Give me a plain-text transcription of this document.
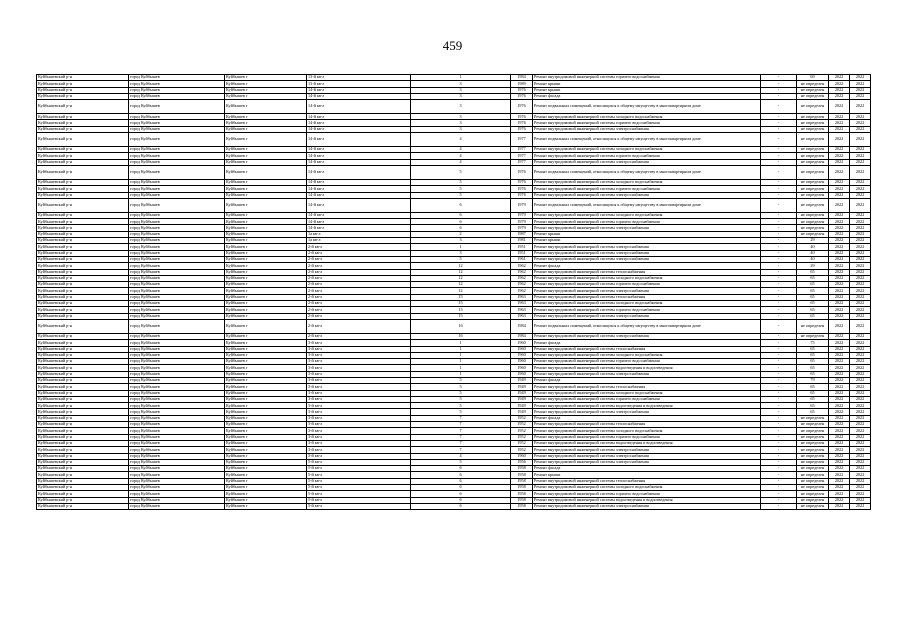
459
Куйбышевский р-н	город Куйбышев	Куйбышев г	13-й кв-л	1	1984	Ремонт внутридомовой инженерной системы горячего водоснабжения	-	69	2022	2022
Куйбышевский р-н	город Куйбышев	Куйбышев г	13-й кв-л	3	1989	Ремонт крыши	-	не определен	2022	2022
Куйбышевский р-н	город Куйбышев	Куйбышев г	14-й кв-л	3	1976	Ремонт крыши	-	не определен	2022	2022
Куйбышевский р-н	город Куйбышев	Куйбышев г	14-й кв-л	3	1976	Ремонт фасада	-	не определен	2022	2022
Куйбышевский р-н	город Куйбышев	Куйбышев г	14-й кв-л	3	1976	Ремонт подвальных помещений, относящихся к общему имуществу в многоквартирном доме	-	не определен	2022	2022
Куйбышевский р-н	город Куйбышев	Куйбышев г	14-й кв-л	3	1976	Ремонт внутридомовой инженерной системы холодного водоснабжения	-	не определен	2022	2022
Куйбышевский р-н	город Куйбышев	Куйбышев г	14-й кв-л	3	1976	Ремонт внутридомовой инженерной системы горячего водоснабжения	-	не определен	2022	2022
Куйбышевский р-н	город Куйбышев	Куйбышев г	14-й кв-л	3	1976	Ремонт внутридомовой инженерной системы электроснабжения	-	не определен	2022	2022
Куйбышевский р-н	город Куйбышев	Куйбышев г	14-й кв-л	4	1977	Ремонт подвальных помещений, относящихся к общему имуществу в многоквартирном доме	-	не определен	2022	2022
Куйбышевский р-н	город Куйбышев	Куйбышев г	14-й кв-л	4	1977	Ремонт внутридомовой инженерной системы холодного водоснабжения	-	не определен	2022	2022
Куйбышевский р-н	город Куйбышев	Куйбышев г	14-й кв-л	4	1977	Ремонт внутридомовой инженерной системы горячего водоснабжения	-	не определен	2022	2022
Куйбышевский р-н	город Куйбышев	Куйбышев г	14-й кв-л	4	1977	Ремонт внутридомовой инженерной системы электроснабжения	-	не определен	2022	2022
Куйбышевский р-н	город Куйбышев	Куйбышев г	14-й кв-л	5	1976	Ремонт подвальных помещений, относящихся к общему имуществу в многоквартирном доме	-	не определен	2022	2022
Куйбышевский р-н	город Куйбышев	Куйбышев г	14-й кв-л	5	1976	Ремонт внутридомовой инженерной системы холодного водоснабжения	-	не определен	2022	2022
Куйбышевский р-н	город Куйбышев	Куйбышев г	14-й кв-л	5	1976	Ремонт внутридомовой инженерной системы горячего водоснабжения	-	не определен	2022	2022
Куйбышевский р-н	город Куйбышев	Куйбышев г	14-й кв-л	5	1976	Ремонт внутридомовой инженерной системы электроснабжения	-	не определен	2022	2022
Куйбышевский р-н	город Куйбышев	Куйбышев г	14-й кв-л	6	1979	Ремонт подвальных помещений, относящихся к общему имуществу в многоквартирном доме	-	не определен	2022	2022
Куйбышевский р-н	город Куйбышев	Куйбышев г	14-й кв-л	6	1979	Ремонт внутридомовой инженерной системы холодного водоснабжения	-	не определен	2022	2022
Куйбышевский р-н	город Куйбышев	Куйбышев г	14-й кв-л	6	1979	Ремонт внутридомовой инженерной системы горячего водоснабжения	-	не определен	2022	2022
Куйбышевский р-н	город Куйбышев	Куйбышев г	14-й кв-л	6	1979	Ремонт внутридомовой инженерной системы электроснабжения	-	не определен	2022	2022
Куйбышевский р-н	город Куйбышев	Куйбышев г	1а кв-л	2	1987	Ремонт крыши	-	не определен	2022	2022
Куйбышевский р-н	город Куйбышев	Куйбышев г	1а кв-л	3	1981	Ремонт крыши	-	29	2022	2022
Куйбышевский р-н	город Куйбышев	Куйбышев г	2-й кв-л	1	1951	Ремонт внутридомовой инженерной системы электроснабжения	-	40	2022	2022
Куйбышевский р-н	город Куйбышев	Куйбышев г	2-й кв-л	3	1951	Ремонт внутридомовой инженерной системы электроснабжения	-	40	2022	2022
Куйбышевский р-н	город Куйбышев	Куйбышев г	2-й кв-л	5	1961	Ремонт внутридомовой инженерной системы электроснабжения	-	40	2022	2022
Куйбышевский р-н	город Куйбышев	Куйбышев г	2-й кв-л	12	1962	Ремонт фасада	-	29	2022	2022
Куйбышевский р-н	город Куйбышев	Куйбышев г	2-й кв-л	12	1962	Ремонт внутридомовой инженерной системы теплоснабжения	-	65	2022	2022
Куйбышевский р-н	город Куйбышев	Куйбышев г	2-й кв-л	12	1962	Ремонт внутридомовой инженерной системы холодного водоснабжения	-	65	2022	2022
Куйбышевский р-н	город Куйбышев	Куйбышев г	2-й кв-л	12	1962	Ремонт внутридомовой инженерной системы горячего водоснабжения	-	65	2022	2022
Куйбышевский р-н	город Куйбышев	Куйбышев г	2-й кв-л	12	1962	Ремонт внутридомовой инженерной системы электроснабжения	-	65	2022	2022
Куйбышевский р-н	город Куйбышев	Куйбышев г	2-й кв-л	15	1963	Ремонт внутридомовой инженерной системы теплоснабжения	-	65	2022	2022
Куйбышевский р-н	город Куйбышев	Куйбышев г	2-й кв-л	15	1963	Ремонт внутридомовой инженерной системы холодного водоснабжения	-	65	2022	2022
Куйбышевский р-н	город Куйбышев	Куйбышев г	2-й кв-л	15	1963	Ремонт внутридомовой инженерной системы горячего водоснабжения	-	65	2022	2022
Куйбышевский р-н	город Куйбышев	Куйбышев г	2-й кв-л	15	1963	Ремонт внутридомовой инженерной системы электроснабжения	-	65	2022	2022
Куйбышевский р-н	город Куйбышев	Куйбышев г	2-й кв-л	16	1984	Ремонт подвальных помещений, относящихся к общему имуществу в многоквартирном доме	-	не определен	2022	2022
Куйбышевский р-н	город Куйбышев	Куйбышев г	2-й кв-л	16	1984	Ремонт внутридомовой инженерной системы электроснабжения	-	не определен	2022	2022
Куйбышевский р-н	город Куйбышев	Куйбышев г	3-й кв-л	1	1960	Ремонт фасада	-	75	2022	2022
Куйбышевский р-н	город Куйбышев	Куйбышев г	3-й кв-л	1	1960	Ремонт внутридомовой инженерной системы теплоснабжения	-	65	2022	2022
Куйбышевский р-н	город Куйбышев	Куйбышев г	3-й кв-л	1	1960	Ремонт внутридомовой инженерной системы холодного водоснабжения	-	65	2022	2022
Куйбышевский р-н	город Куйбышев	Куйбышев г	3-й кв-л	1	1960	Ремонт внутридомовой инженерной системы горячего водоснабжения	-	65	2022	2022
Куйбышевский р-н	город Куйбышев	Куйбышев г	3-й кв-л	1	1960	Ремонт внутридомовой инженерной системы водоотведения и водоотведения	-	65	2022	2022
Куйбышевский р-н	город Куйбышев	Куйбышев г	3-й кв-л	1	1960	Ремонт внутридомовой инженерной системы электроснабжения	-	65	2022	2022
Куйбышевский р-н	город Куйбышев	Куйбышев г	3-й кв-л	5	1949	Ремонт фасада	-	79	2022	2022
Куйбышевский р-н	город Куйбышев	Куйбышев г	3-й кв-л	5	1949	Ремонт внутридомовой инженерной системы теплоснабжения	-	65	2022	2022
Куйбышевский р-н	город Куйбышев	Куйбышев г	3-й кв-л	5	1949	Ремонт внутридомовой инженерной системы холодного водоснабжения	-	65	2022	2022
Куйбышевский р-н	город Куйбышев	Куйбышев г	3-й кв-л	5	1949	Ремонт внутридомовой инженерной системы горячего водоснабжения	-	65	2022	2022
Куйбышевский р-н	город Куйбышев	Куйбышев г	3-й кв-л	5	1949	Ремонт внутридомовой инженерной системы водоотведения и водоотведения	-	65	2022	2022
Куйбышевский р-н	город Куйбышев	Куйбышев г	3-й кв-л	5	1949	Ремонт внутридомовой инженерной системы электроснабжения	-	65	2022	2022
Куйбышевский р-н	город Куйбышев	Куйбышев г	3-й кв-л	7	1952	Ремонт фасада	-	не определен	2022	2022
Куйбышевский р-н	город Куйбышев	Куйбышев г	3-й кв-л	7	1952	Ремонт внутридомовой инженерной системы теплоснабжения	-	не определен	2022	2022
Куйбышевский р-н	город Куйбышев	Куйбышев г	3-й кв-л	7	1952	Ремонт внутридомовой инженерной системы холодного водоснабжения	-	не определен	2022	2022
Куйбышевский р-н	город Куйбышев	Куйбышев г	3-й кв-л	7	1952	Ремонт внутридомовой инженерной системы горячего водоснабжения	-	не определен	2022	2022
Куйбышевский р-н	город Куйбышев	Куйбышев г	3-й кв-л	7	1952	Ремонт внутридомовой инженерной системы водоотведения и водоотведения	-	не определен	2022	2022
Куйбышевский р-н	город Куйбышев	Куйбышев г	3-й кв-л	7	1952	Ремонт внутридомовой инженерной системы электроснабжения	-	не определен	2022	2022
Куйбышевский р-н	город Куйбышев	Куйбышев г	3-й кв-л	4	1960	Ремонт внутридомовой инженерной системы электроснабжения	-	не определен	2022	2022
Куйбышевский р-н	город Куйбышев	Куйбышев г	5-й кв-л	5	1956	Ремонт внутридомовой инженерной системы электроснабжения	-	не определен	2022	2022
Куйбышевский р-н	город Куйбышев	Куйбышев г	5-й кв-л	6	1958	Ремонт фасада	-	не определен	2022	2022
Куйбышевский р-н	город Куйбышев	Куйбышев г	5-й кв-л	6	1958	Ремонт крыши	-	не определен	2022	2022
Куйбышевский р-н	город Куйбышев	Куйбышев г	5-й кв-л	6	1958	Ремонт внутридомовой инженерной системы теплоснабжения	-	не определен	2022	2022
Куйбышевский р-н	город Куйбышев	Куйбышев г	5-й кв-л	6	1958	Ремонт внутридомовой инженерной системы холодного водоснабжения	-	не определен	2022	2022
Куйбышевский р-н	город Куйбышев	Куйбышев г	5-й кв-л	6	1958	Ремонт внутридомовой инженерной системы горячего водоснабжения	-	не определен	2022	2022
Куйбышевский р-н	город Куйбышев	Куйбышев г	5-й кв-л	6	1958	Ремонт внутридомовой инженерной системы водоотведения и водоотведения	-	не определен	2022	2022
Куйбышевский р-н	город Куйбышев	Куйбышев г	5-й кв-л	6	1958	Ремонт внутридомовой инженерной системы электроснабжения	-	не определен	2022	2022
